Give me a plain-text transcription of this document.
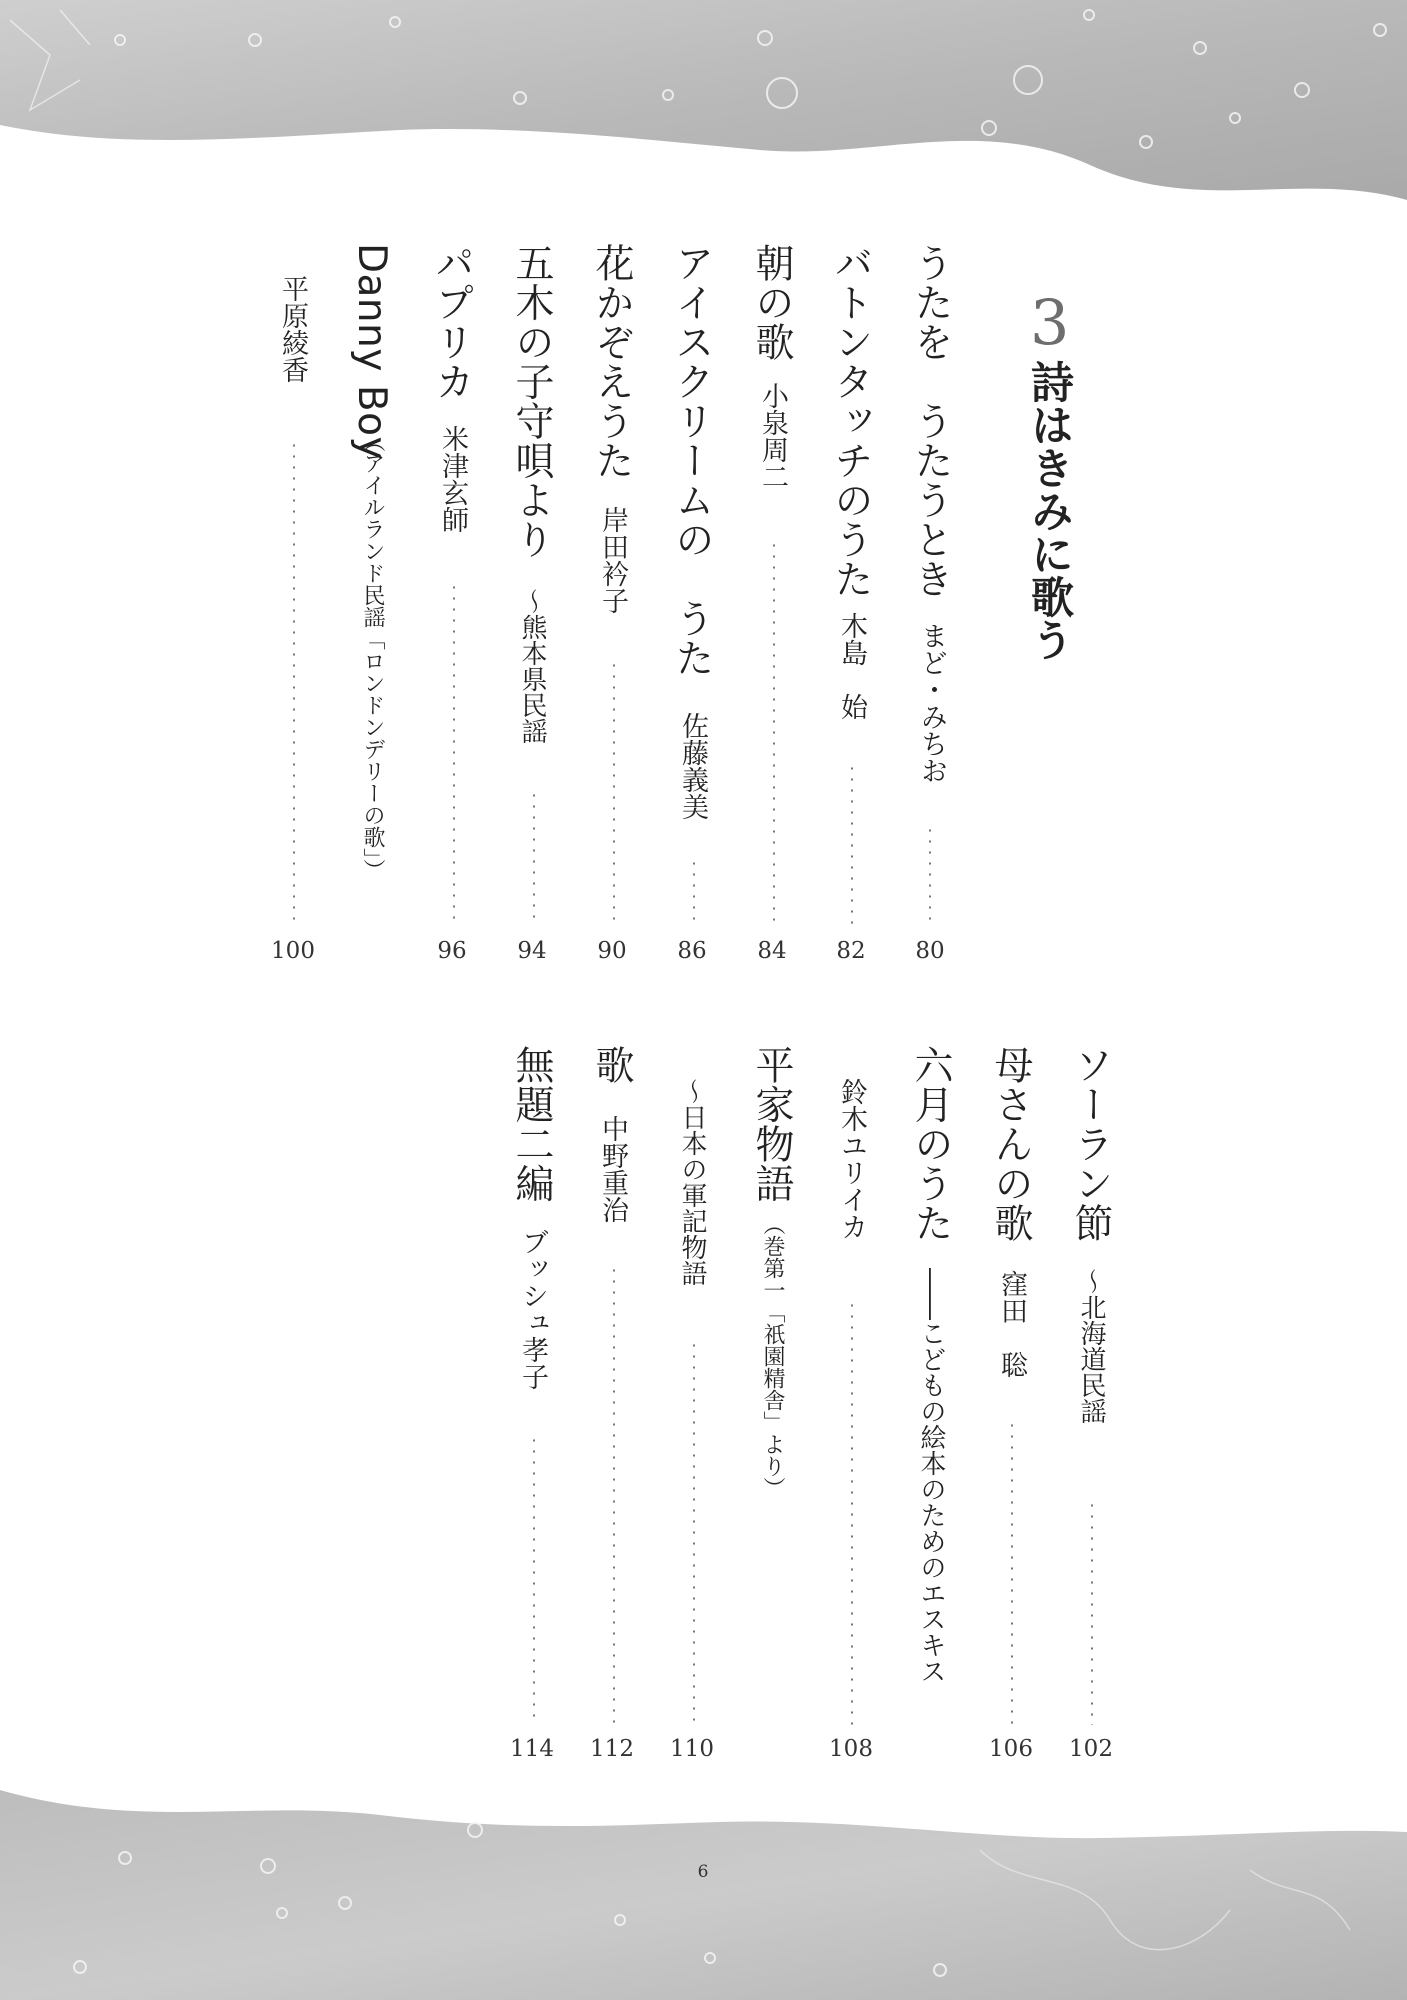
3
詩はきみに歌う
うたを　うたうとき
まど・みちお
80
バトンタッチのうた
木島　始
82
朝の歌
小泉周二
84
アイスクリームの　うた
佐藤義美
86
花かぞえうた
岸田衿子
90
五木の子守唄より
〜熊本県民謡
94
パプリカ
米津玄師
96
Danny Boy
（アイルランド民謡「ロンドンデリーの歌」）
平原綾香
100
ソーラン節
〜北海道民謡
102
母さんの歌
窪田　聡
106
六月のうた
――こどもの絵本のためのエスキス
鈴木ユリイカ
108
平家物語
（巻第一「祇園精舎」より）
〜日本の軍記物語
110
歌
中野重治
112
無題二編
ブッシュ孝子
114
6
